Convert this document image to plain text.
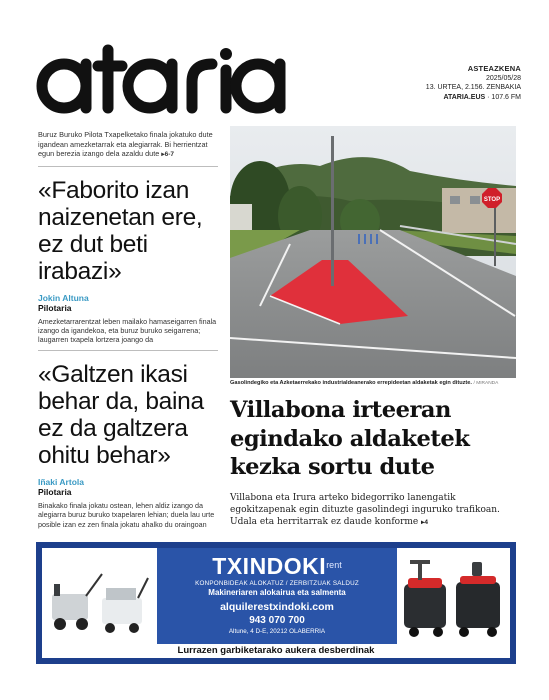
ASTEAZKENA
2025/05/28
13. URTEA, 2.156. ZENBAKIA
ATARIA.EUS · 107.6 FM

Buruz Buruko Pilota Txapelketako finala jokatuko dute igandean amezketarrak eta alegiarrak. Bi herrientzat egun berezia izango dela azaldu dute ▸6-7

«Faborito izan naizenetan ere, ez dut beti irabazi»
Jokin Altuna
Pilotaria

Amezketarrarentzat leben mailako hamaseigarren finala izango da igandekoa, eta buruz buruko seigarrena; laugarren txapela lortzera joango da

«Galtzen ikasi behar da, baina ez da galtzera ohitu behar»
Iñaki Artola
Pilotaria

Binakako finala jokatu ostean, lehen aldiz izango da alegiarra buruz buruko txapelaren lehian; duela lau urte posible izan ez zen finala jokatu ahalko du oraingoan

STOP

Gasolindegiko eta Azketaerrekako industrialdeanerako errepideetan aldaketak egin dituzte. / MIRANDA

Villabona irteeran egindako aldaketek kezka sortu dute

Villabona eta Irura arteko bidegorriko lanengatik egokitzapenak egin dituzte gasolindegi inguruko trafikoan. Udala eta herritarrak ez daude konforme ▸4

$TXINDOKI^{rent}$
KONPONBIDEAK ALOKATUZ / ZERBITZUAK SALDUZ
Makineriaren alokairua eta salmenta
alquilerestxindoki.com
943 070 700
Altune, 4 D-E, 20212 OLABERRIA
Lurrazen garbiketarako aukera desberdinak
